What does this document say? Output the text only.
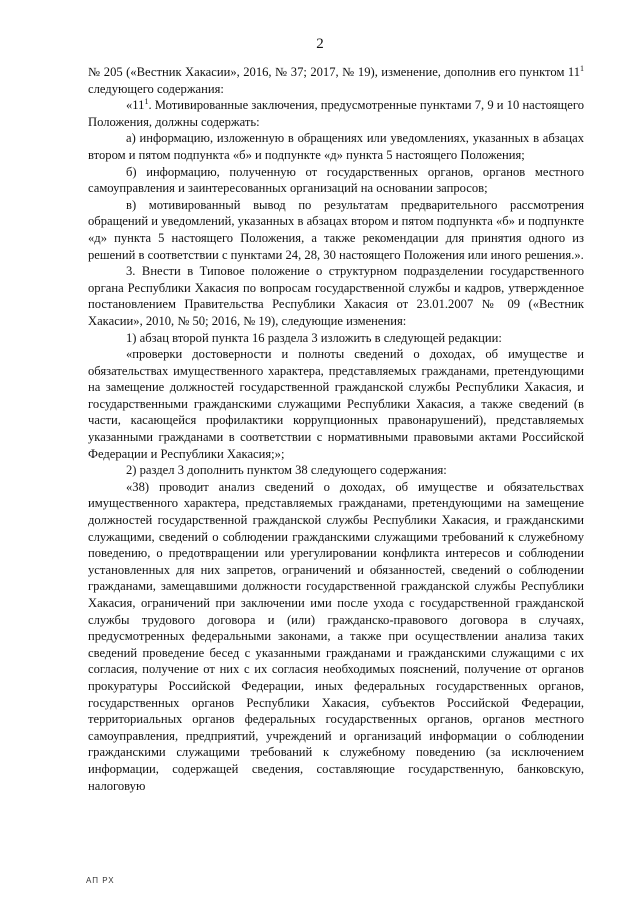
2

№ 205 («Вестник Хакасии», 2016, № 37; 2017, № 19), изменение, дополнив его пунктом $11^1$ следующего содержания:

«$11^1$. Мотивированные заключения, предусмотренные пунктами 7, 9 и 10 настоящего Положения, должны содержать:

а) информацию, изложенную в обращениях или уведомлениях, указанных в абзацах втором и пятом подпункта «б» и подпункте «д» пункта 5 настоящего Положения;

б) информацию, полученную от государственных органов, органов местного самоуправления и заинтересованных организаций на основании запросов;

в) мотивированный вывод по результатам предварительного рассмотрения обращений и уведомлений, указанных в абзацах втором и пятом подпункта «б» и подпункте «д» пункта 5 настоящего Положения, а также рекомендации для принятия одного из решений в соответствии с пунктами 24, 28, 30 настоящего Положения или иного решения.».

3. Внести в Типовое положение о структурном подразделении государственного органа Республики Хакасия по вопросам государственной службы и кадров, утвержденное постановлением Правительства Республики Хакасия от 23.01.2007 № 09 («Вестник Хакасии», 2010, № 50; 2016, № 19), следующие изменения:

1) абзац второй пункта 16 раздела 3 изложить в следующей редакции:

«проверки достоверности и полноты сведений о доходах, об имуществе и обязательствах имущественного характера, представляемых гражданами, претендующими на замещение должностей государственной гражданской службы Республики Хакасия, и государственными гражданскими служащими Республики Хакасия, а также сведений (в части, касающейся профилактики коррупционных правонарушений), представляемых указанными гражданами в соответствии с нормативными правовыми актами Российской Федерации и Республики Хакасия;»;

2) раздел 3 дополнить пунктом 38 следующего содержания:

«38) проводит анализ сведений о доходах, об имуществе и обязательствах имущественного характера, представляемых гражданами, претендующими на замещение должностей государственной гражданской службы Республики Хакасия, и гражданскими служащими, сведений о соблюдении гражданскими служащими требований к служебному поведению, о предотвращении или урегулировании конфликта интересов и соблюдении установленных для них запретов, ограничений и обязанностей, сведений о соблюдении гражданами, замещавшими должности государственной гражданской службы Республики Хакасия, ограничений при заключении ими после ухода с государственной гражданской службы трудового договора и (или) гражданско-правового договора в случаях, предусмотренных федеральными законами, а также при осуществлении анализа таких сведений проведение бесед с указанными гражданами и гражданскими служащими с их согласия, получение от них с их согласия необходимых пояснений, получение от органов прокуратуры Российской Федерации, иных федеральных государственных органов, государственных органов Республики Хакасия, субъектов Российской Федерации, территориальных органов федеральных государственных органов, органов местного самоуправления, предприятий, учреждений и организаций информации о соблюдении гражданскими служащими требований к служебному поведению (за исключением информации, содержащей сведения, составляющие государственную, банковскую, налоговую

АП РХ
